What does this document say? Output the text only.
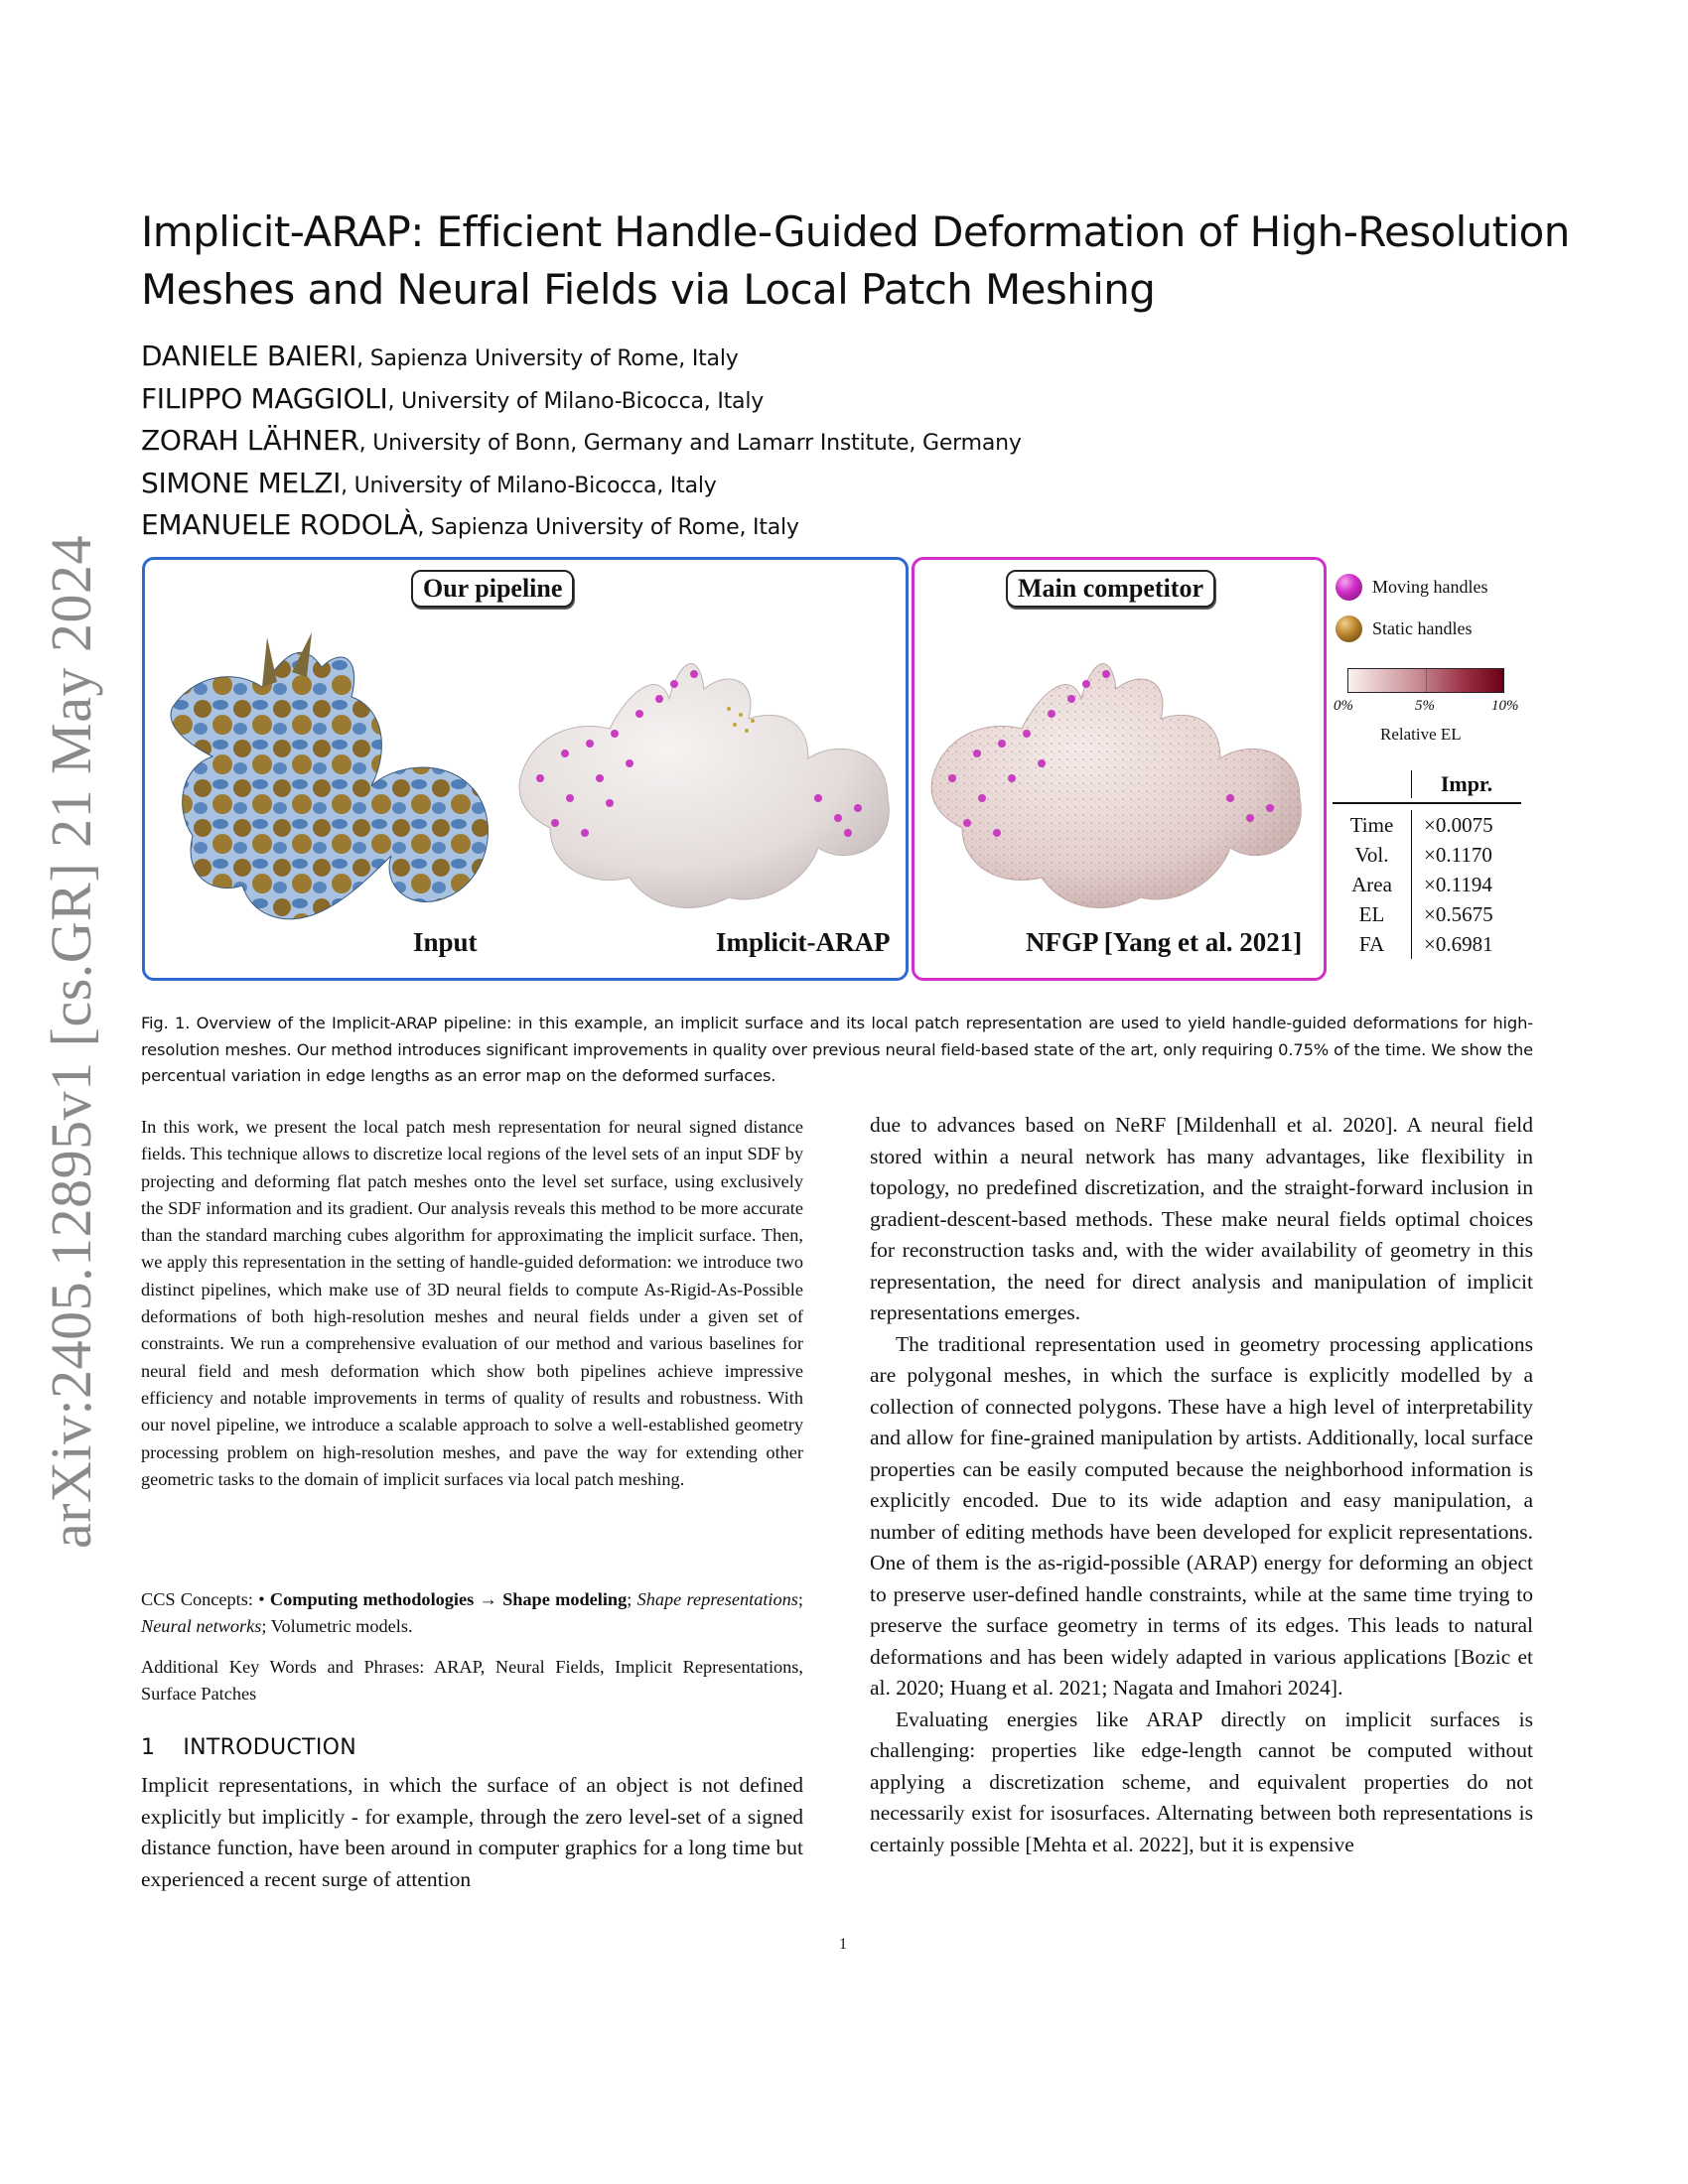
arXiv:2405.12895v1 [cs.GR] 21 May 2024
Implicit-ARAP: Efficient Handle-Guided Deformation of High-Resolution Meshes and Neural Fields via Local Patch Meshing
DANIELE BAIERI, Sapienza University of Rome, Italy
FILIPPO MAGGIOLI, University of Milano-Bicocca, Italy
ZORAH LÄHNER, University of Bonn, Germany and Lamarr Institute, Germany
SIMONE MELZI, University of Milano-Bicocca, Italy
EMANUELE RODOLÀ, Sapienza University of Rome, Italy
Our pipeline
Input	Implicit-ARAP
Main competitor
NFGP [Yang et al. 2021]
Moving handles
Static handles
0%	5%	10%
Relative EL
Impr.
Time	×0.0075
Vol.	×0.1170
Area	×0.1194
EL	×0.5675
FA	×0.6981

Fig. 1. Overview of the Implicit-ARAP pipeline: in this example, an implicit surface and its local patch representation are used to yield handle-guided deformations for high-resolution meshes. Our method introduces significant improvements in quality over previous neural field-based state of the art, only requiring 0.75% of the time. We show the percentual variation in edge lengths as an error map on the deformed surfaces.

In this work, we present the local patch mesh representation for neural signed distance fields. This technique allows to discretize local regions of the level sets of an input SDF by projecting and deforming flat patch meshes onto the level set surface, using exclusively the SDF information and its gradient. Our analysis reveals this method to be more accurate than the standard marching cubes algorithm for approximating the implicit surface. Then, we apply this representation in the setting of handle-guided deformation: we introduce two distinct pipelines, which make use of 3D neural fields to compute As-Rigid-As-Possible deformations of both high-resolution meshes and neural fields under a given set of constraints. We run a comprehensive evaluation of our method and various baselines for neural field and mesh deformation which show both pipelines achieve impressive efficiency and notable improvements in terms of quality of results and robustness. With our novel pipeline, we introduce a scalable approach to solve a well-established geometry processing problem on high-resolution meshes, and pave the way for extending other geometric tasks to the domain of implicit surfaces via local patch meshing.

CCS Concepts: • Computing methodologies → Shape modeling; Shape representations; Neural networks; Volumetric models.

Additional Key Words and Phrases: ARAP, Neural Fields, Implicit Representations, Surface Patches

1 INTRODUCTION

Implicit representations, in which the surface of an object is not defined explicitly but implicitly - for example, through the zero level-set of a signed distance function, have been around in computer graphics for a long time but experienced a recent surge of attention

due to advances based on NeRF [Mildenhall et al. 2020]. A neural field stored within a neural network has many advantages, like flexibility in topology, no predefined discretization, and the straight-forward inclusion in gradient-descent-based methods. These make neural fields optimal choices for reconstruction tasks and, with the wider availability of geometry in this representation, the need for direct analysis and manipulation of implicit representations emerges.

The traditional representation used in geometry processing applications are polygonal meshes, in which the surface is explicitly modelled by a collection of connected polygons. These have a high level of interpretability and allow for fine-grained manipulation by artists. Additionally, local surface properties can be easily computed because the neighborhood information is explicitly encoded. Due to its wide adaption and easy manipulation, a number of editing methods have been developed for explicit representations. One of them is the as-rigid-possible (ARAP) energy for deforming an object to preserve user-defined handle constraints, while at the same time trying to preserve the surface geometry in terms of its edges. This leads to natural deformations and has been widely adapted in various applications [Bozic et al. 2020; Huang et al. 2021; Nagata and Imahori 2024].

Evaluating energies like ARAP directly on implicit surfaces is challenging: properties like edge-length cannot be computed without applying a discretization scheme, and equivalent properties do not necessarily exist for isosurfaces. Alternating between both representations is certainly possible [Mehta et al. 2022], but it is expensive

1
